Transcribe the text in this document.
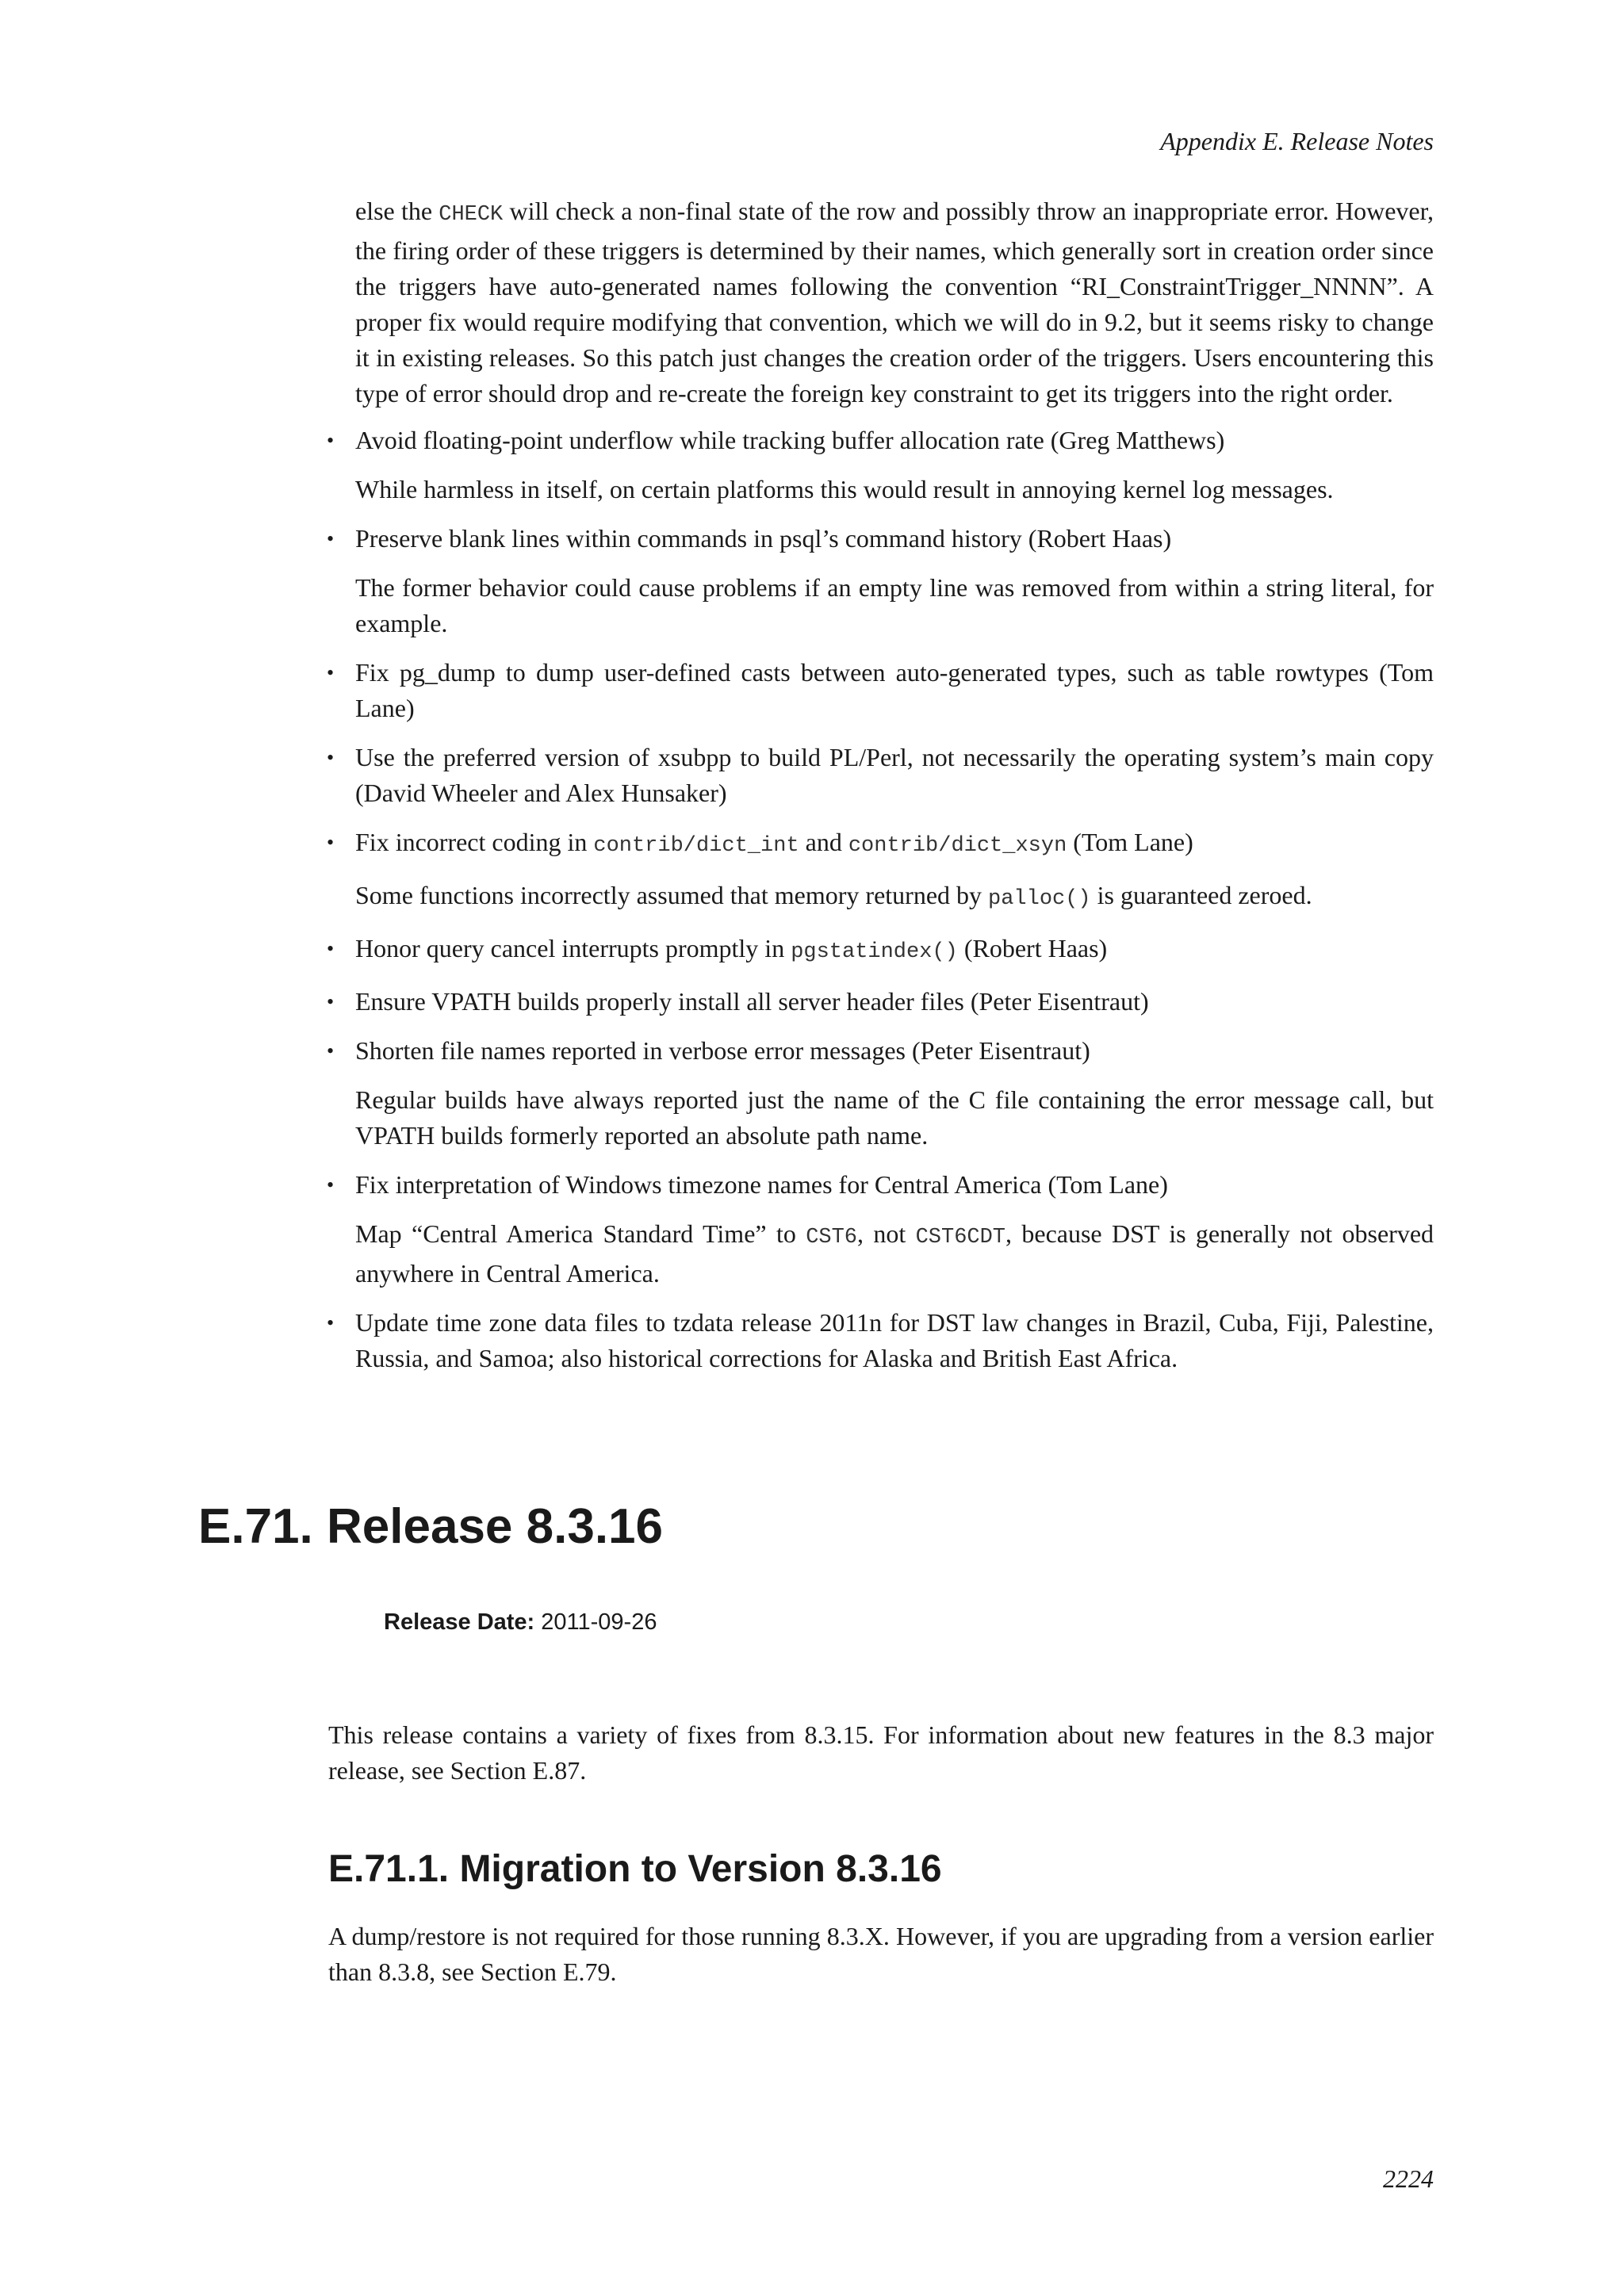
Appendix E. Release Notes

else the CHECK will check a non-final state of the row and possibly throw an inappropriate error. However, the firing order of these triggers is determined by their names, which generally sort in creation order since the triggers have auto-generated names following the convention “RI_ConstraintTrigger_NNNN”. A proper fix would require modifying that convention, which we will do in 9.2, but it seems risky to change it in existing releases. So this patch just changes the creation order of the triggers. Users encountering this type of error should drop and re-create the foreign key constraint to get its triggers into the right order.

• Avoid floating-point underflow while tracking buffer allocation rate (Greg Matthews)

While harmless in itself, on certain platforms this would result in annoying kernel log messages.

• Preserve blank lines within commands in psql’s command history (Robert Haas)

The former behavior could cause problems if an empty line was removed from within a string literal, for example.

• Fix pg_dump to dump user-defined casts between auto-generated types, such as table rowtypes (Tom Lane)

• Use the preferred version of xsubpp to build PL/Perl, not necessarily the operating system’s main copy (David Wheeler and Alex Hunsaker)

• Fix incorrect coding in contrib/dict_int and contrib/dict_xsyn (Tom Lane)

Some functions incorrectly assumed that memory returned by palloc() is guaranteed zeroed.

• Honor query cancel interrupts promptly in pgstatindex() (Robert Haas)

• Ensure VPATH builds properly install all server header files (Peter Eisentraut)

• Shorten file names reported in verbose error messages (Peter Eisentraut)

Regular builds have always reported just the name of the C file containing the error message call, but VPATH builds formerly reported an absolute path name.

• Fix interpretation of Windows timezone names for Central America (Tom Lane)

Map “Central America Standard Time” to CST6, not CST6CDT, because DST is generally not observed anywhere in Central America.

• Update time zone data files to tzdata release 2011n for DST law changes in Brazil, Cuba, Fiji, Palestine, Russia, and Samoa; also historical corrections for Alaska and British East Africa.

E.71. Release 8.3.16
Release Date: 2011-09-26

This release contains a variety of fixes from 8.3.15. For information about new features in the 8.3 major release, see Section E.87.

E.71.1. Migration to Version 8.3.16

A dump/restore is not required for those running 8.3.X. However, if you are upgrading from a version earlier than 8.3.8, see Section E.79.

2224
